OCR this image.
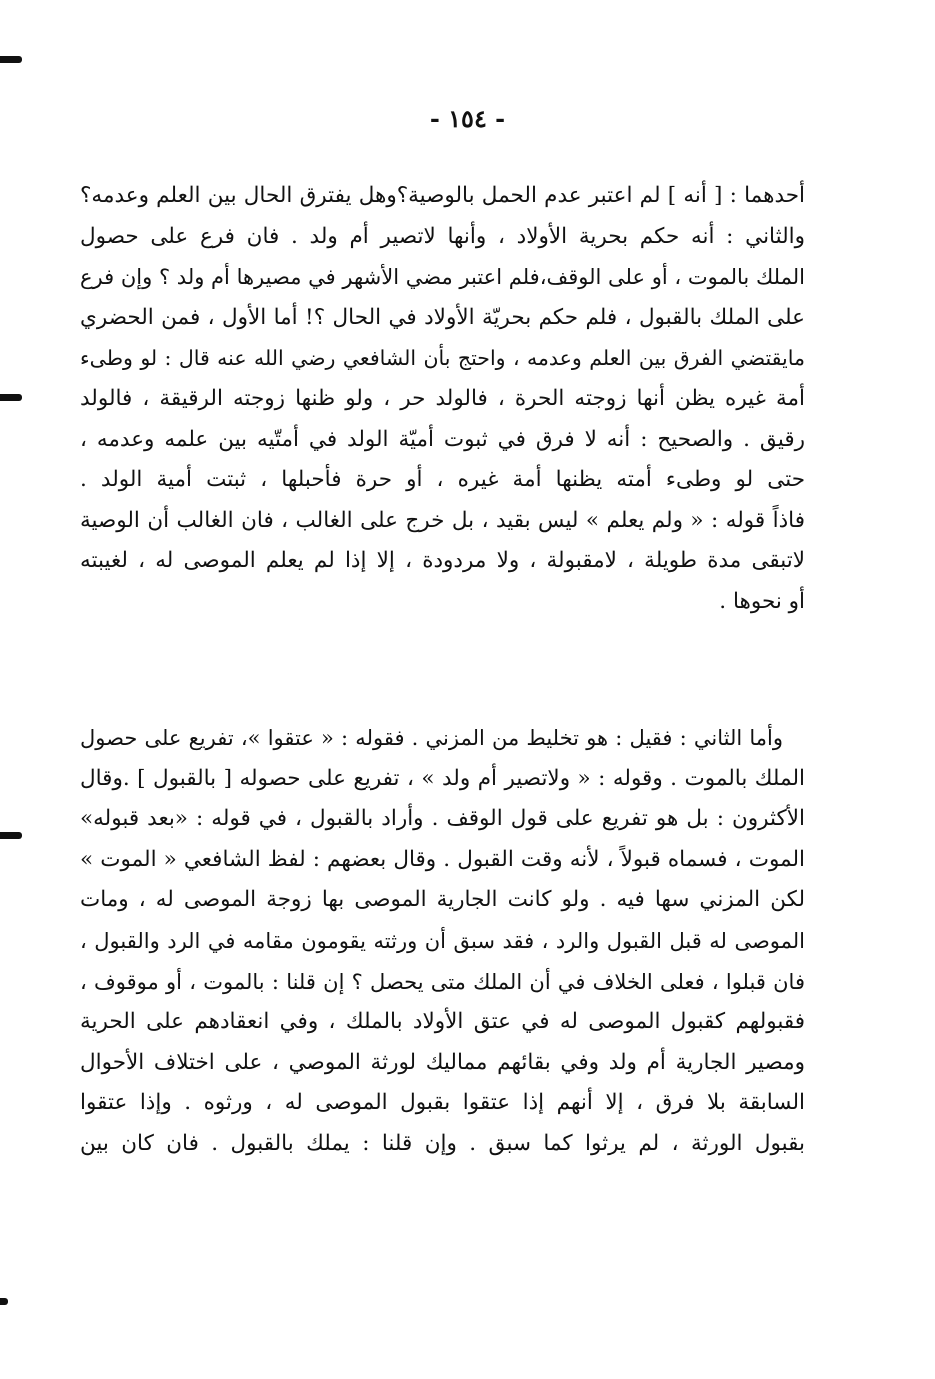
- ١٥٤ -
أحدهما : [ أنه ] لم اعتبر عدم الحمل بالوصية؟وهل يفترق الحال بين العلم وعدمه؟
والثاني : أنه حكم بحرية الأولاد ، وأنها لاتصير أم ولد . فان فرع على حصول
الملك بالموت ، أو على الوقف،فلم اعتبر مضي الأشهر في مصيرها أم ولد ؟ وإن فرع
على الملك بالقبول ، فلم حكم بحريّة الأولاد في الحال ؟! أما الأول ، فمن الحضري
مايقتضي الفرق بين العلم وعدمه ، واحتج بأن الشافعي رضي الله عنه قال : لو وطىء
أمة غيره يظن أنها زوجته الحرة ، فالولد حر ، ولو ظنها زوجته الرقيقة ، فالولد
رقيق . والصحيح : أنه لا فرق في ثبوت أميّة الولد في أمتّيه بين علمه وعدمه ،
حتى لو وطىء أمته يظنها أمة غيره ، أو حرة فأحبلها ، ثبتت أمية الولد .
فاذاً قوله : « ولم يعلم » ليس بقيد ، بل خرج على الغالب ، فان الغالب أن الوصية
لاتبقى مدة طويلة ، لامقبولة ، ولا مردودة ، إلا إذا لم يعلم الموصى له ، لغيبته
أو نحوها .
وأما الثاني : فقيل : هو تخليط من المزني . فقوله : « عتقوا »، تفريع على حصول
الملك بالموت . وقوله : « ولاتصير أم ولد » ، تفريع على حصوله [ بالقبول ] .وقال
الأكثرون : بل هو تفريع على قول الوقف . وأراد بالقبول ، في قوله : «بعد قبوله»
الموت ، فسماه قبولاً ، لأنه وقت القبول . وقال بعضهم : لفظ الشافعي « الموت »
لكن المزني سها فيه . ولو كانت الجارية الموصى بها زوجة الموصى له ، ومات
الموصى له قبل القبول والرد ، فقد سبق أن ورثته يقومون مقامه في الرد والقبول ،
فان قبلوا ، فعلى الخلاف في أن الملك متى يحصل ؟ إن قلنا : بالموت ، أو موقوف ،
فقبولهم كقبول الموصى له في عتق الأولاد بالملك ، وفي انعقادهم على الحرية
ومصير الجارية أم ولد وفي بقائهم مماليك لورثة الموصي ، على اختلاف الأحوال
السابقة بلا فرق ، إلا أنهم إذا عتقوا بقبول الموصى له ، ورثوه . وإذا عتقوا
بقبول الورثة ، لم يرثوا كما سبق . وإن قلنا : يملك بالقبول . فان كان بين
